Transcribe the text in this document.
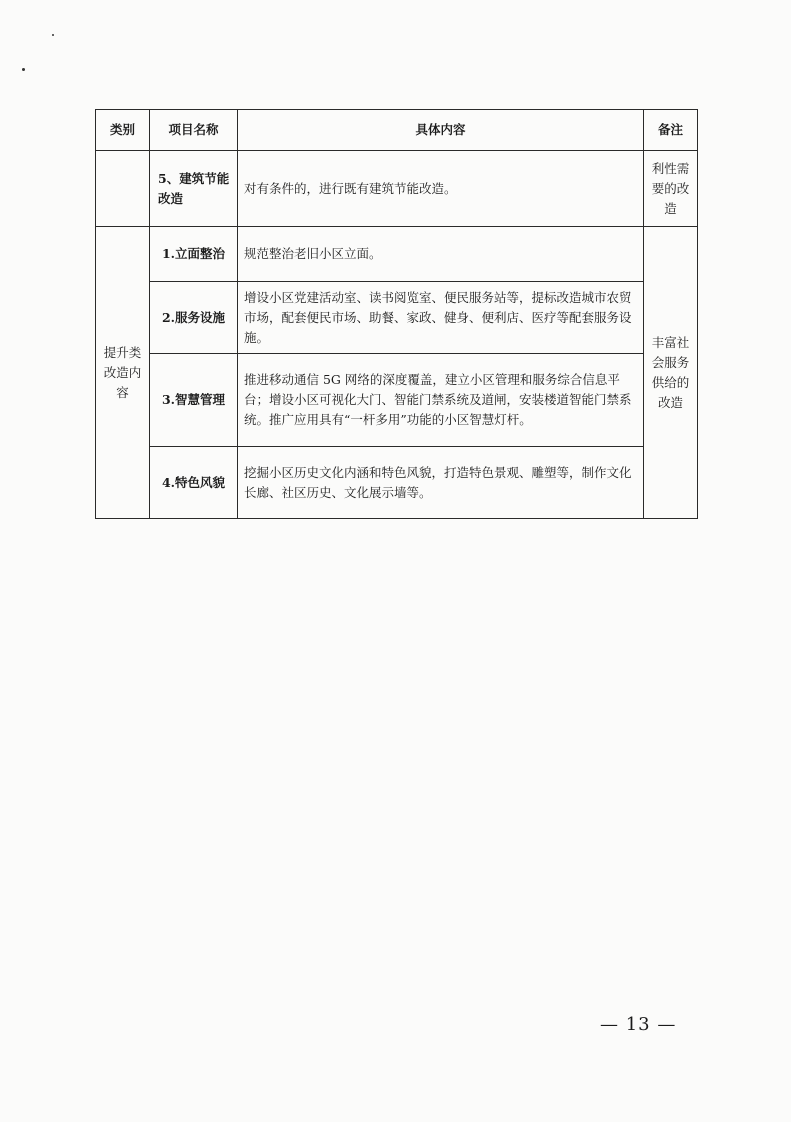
类别	项目名称	具体内容	备注
	5、建筑节能改造	对有条件的，进行既有建筑节能改造。	利性需要的改造
提升类改造内容	1.立面整治	规范整治老旧小区立面。	丰富社会服务供给的改造
	2.服务设施	增设小区党建活动室、读书阅览室、便民服务站等，提标改造城市农贸市场，配套便民市场、助餐、家政、健身、便利店、医疗等配套服务设施。	
	3.智慧管理	推进移动通信 5G 网络的深度覆盖，建立小区管理和服务综合信息平台；增设小区可视化大门、智能门禁系统及道闸，安装楼道智能门禁系统。推广应用具有“一杆多用”功能的小区智慧灯杆。	
	4.特色风貌	挖掘小区历史文化内涵和特色风貌，打造特色景观、雕塑等，制作文化长廊、社区历史、文化展示墙等。	
— 13 —
